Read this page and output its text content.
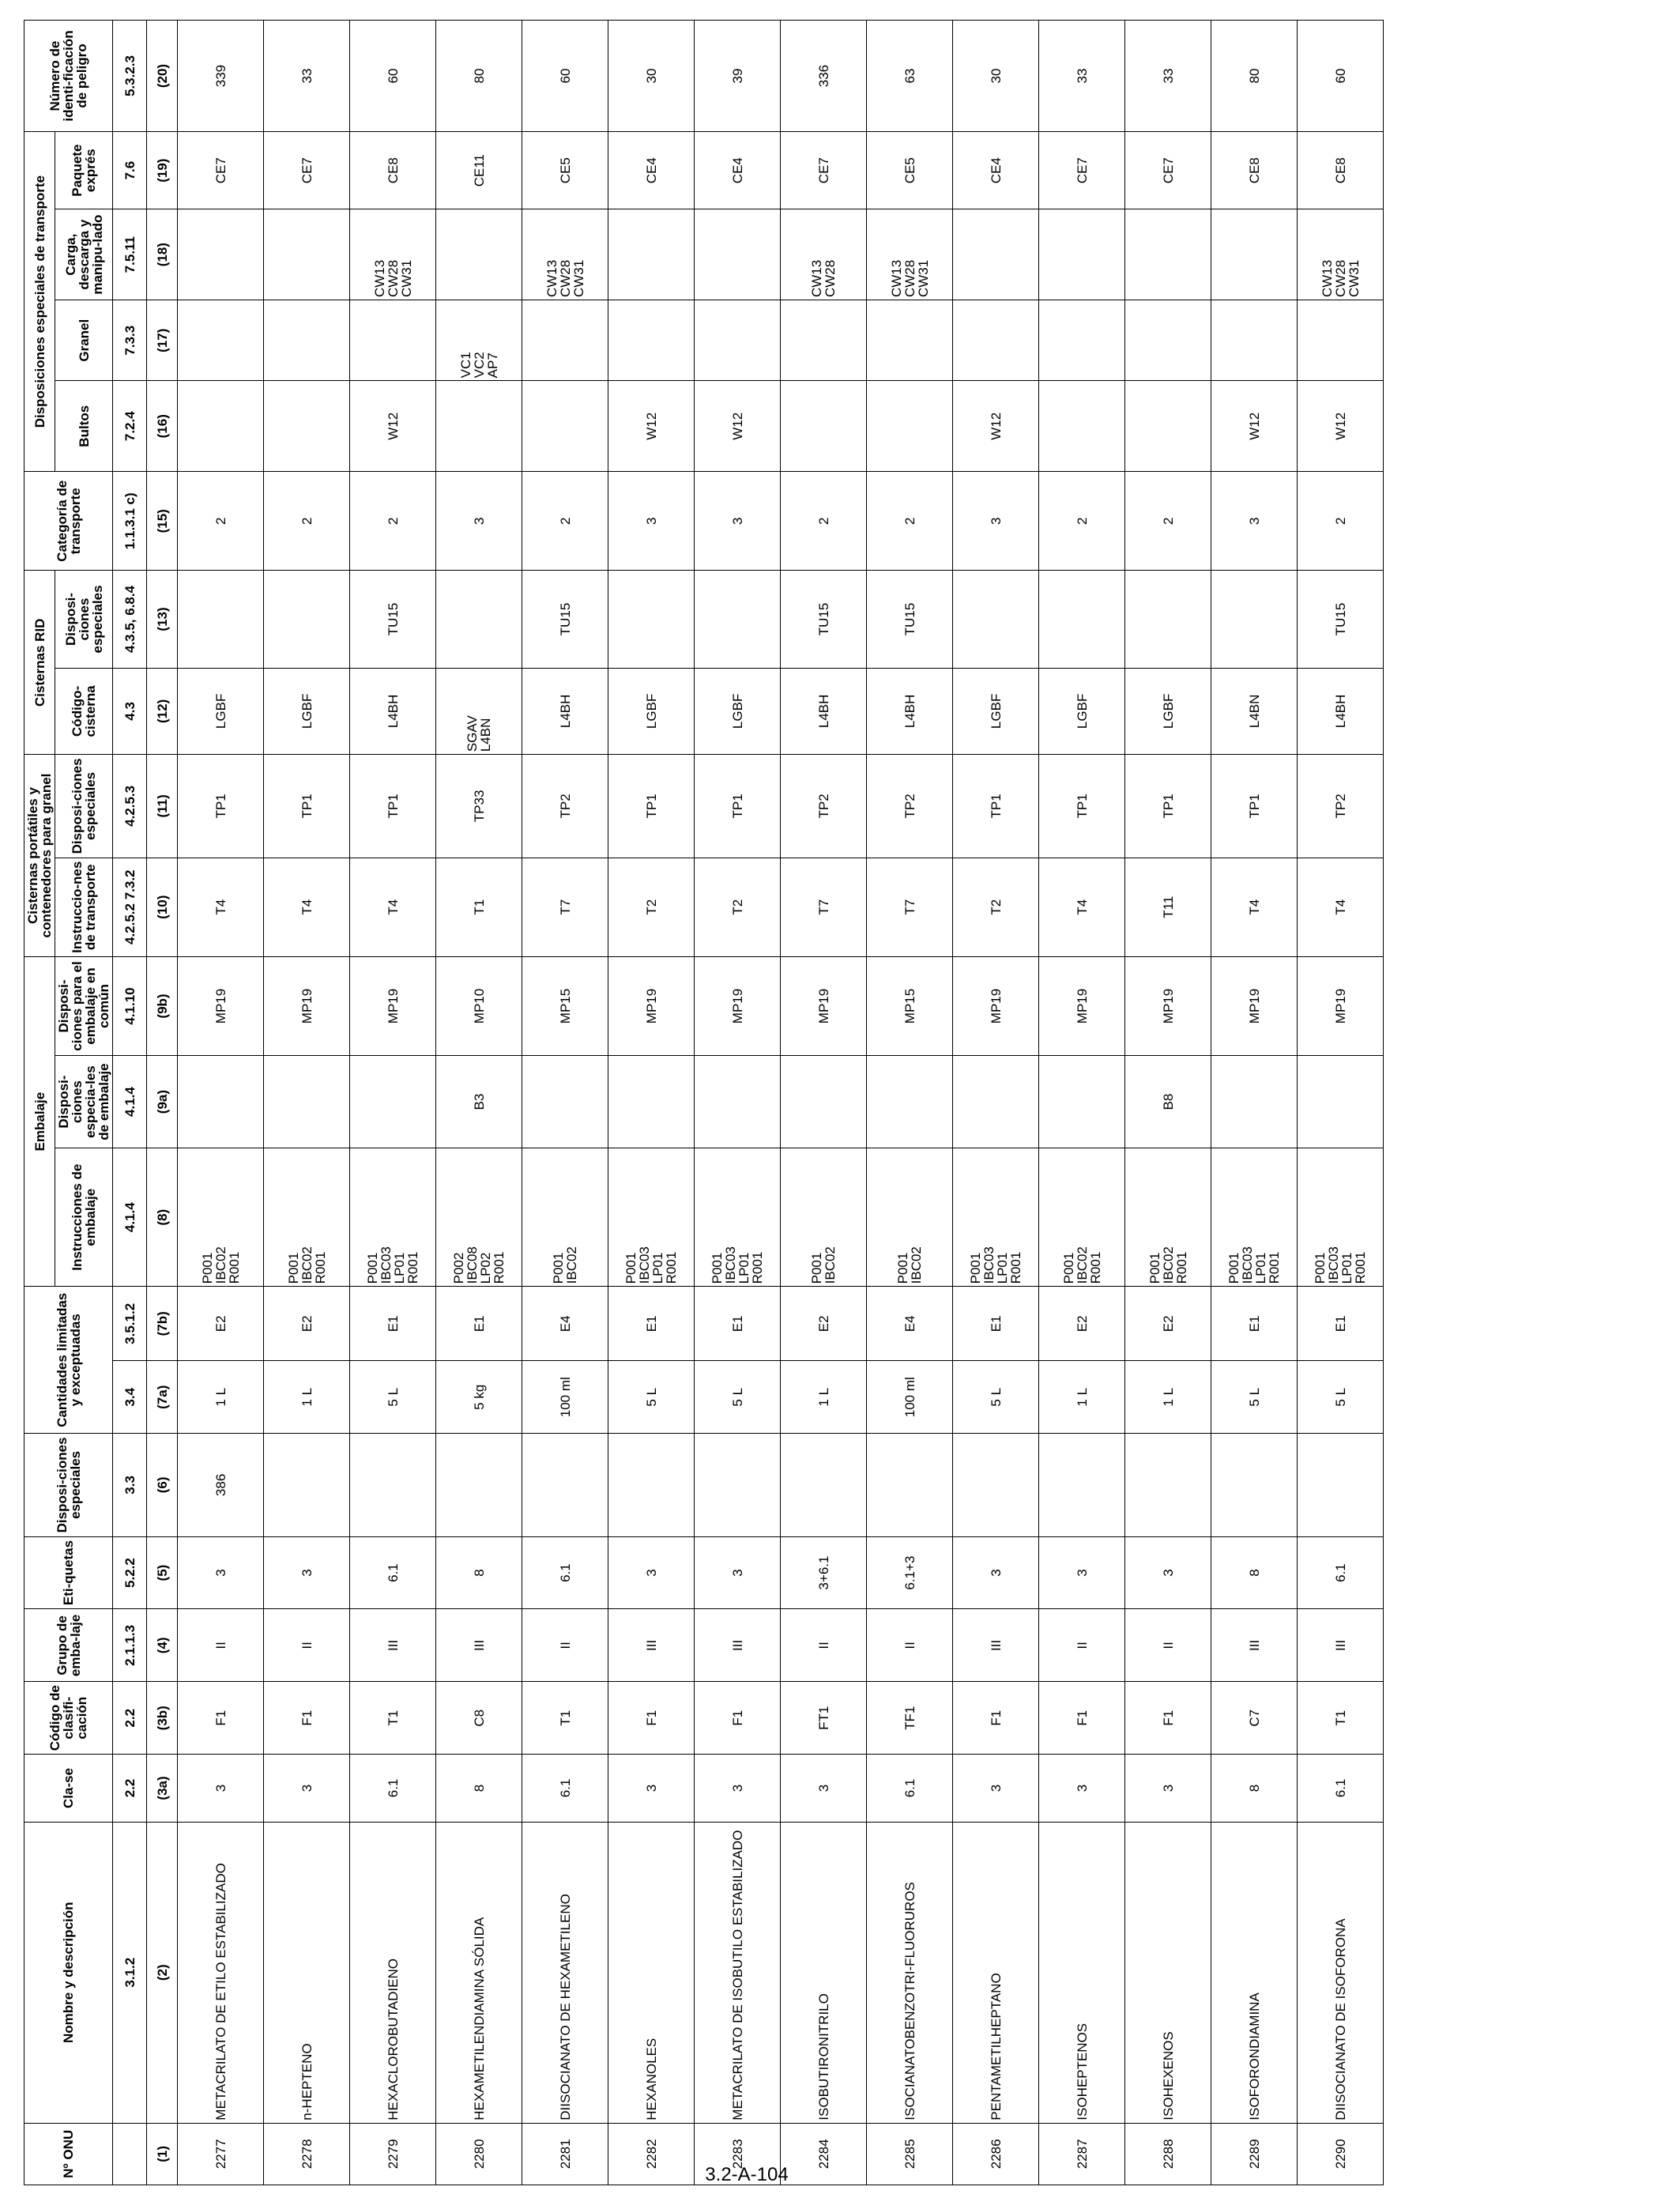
Nº ONU	Nombre y descripción	Cla-se	Código de clasifi-cación	Grupo de emba-laje	Eti-quetas	Disposi-ciones especiales	Cantidades limitadas y exceptuadas		Embalaje			Cisternas portátiles y contenedores para granel		Cisternas RID		Categoría de transporte	Disposiciones especiales de transporte				Número de identi-ficación de peligro
									Instrucciones de embalaje	Disposi-ciones especia-les de embalaje	Disposi-ciones para el embalaje en común	Instruccio-nes de transporte	Disposi-ciones especiales	Código-cisterna	Disposi-ciones especiales		Bultos	Granel	Carga, descarga y manipu-lado	Paquete exprés	
	3.1.2	2.2	2.2	2.1.1.3	5.2.2	3.3	3.4	3.5.1.2	4.1.4	4.1.4	4.1.10	4.2.5.2 7.3.2	4.2.5.3	4.3	4.3.5, 6.8.4	1.1.3.1 c)	7.2.4	7.3.3	7.5.11	7.6	5.3.2.3
(1)	(2)	(3a)	(3b)	(4)	(5)	(6)	(7a)	(7b)	(8)	(9a)	(9b)	(10)	(11)	(12)	(13)	(15)	(16)	(17)	(18)	(19)	(20)
2277	METACRILATO DE ETILO ESTABILIZADO	3	F1	II	3	386	1 L	E2	P001
IBC02
R001		MP19	T4	TP1	LGBF		2				CE7	339
2278	n-HEPTENO	3	F1	II	3		1 L	E2	P001
IBC02
R001		MP19	T4	TP1	LGBF		2				CE7	33
2279	HEXACLOROBUTADIENO	6.1	T1	III	6.1		5 L	E1	P001
IBC03
LP01
R001		MP19	T4	TP1	L4BH	TU15	2	W12		CW13
CW28
CW31	CE8	60
2280	HEXAMETILENDIAMINA SÓLIDA	8	C8	III	8		5 kg	E1	P002
IBC08
LP02
R001	B3	MP10	T1	TP33	SGAV
L4BN		3		VC1
VC2
AP7		CE11	80
2281	DIISOCIANATO DE HEXAMETILENO	6.1	T1	II	6.1		100 ml	E4	P001
IBC02		MP15	T7	TP2	L4BH	TU15	2			CW13
CW28
CW31	CE5	60
2282	HEXANOLES	3	F1	III	3		5 L	E1	P001
IBC03
LP01
R001		MP19	T2	TP1	LGBF		3	W12			CE4	30
2283	METACRILATO DE ISOBUTILO ESTABILIZADO	3	F1	III	3		5 L	E1	P001
IBC03
LP01
R001		MP19	T2	TP1	LGBF		3	W12			CE4	39
2284	ISOBUTIRONITRILO	3	FT1	II	3+6.1		1 L	E2	P001
IBC02		MP19	T7	TP2	L4BH	TU15	2			CW13
CW28	CE7	336
2285	ISOCIANATOBENZOTRI-FLUORUROS	6.1	TF1	II	6.1+3		100 ml	E4	P001
IBC02		MP15	T7	TP2	L4BH	TU15	2			CW13
CW28
CW31	CE5	63
2286	PENTAMETILHEPTANO	3	F1	III	3		5 L	E1	P001
IBC03
LP01
R001		MP19	T2	TP1	LGBF		3	W12			CE4	30
2287	ISOHEPTENOS	3	F1	II	3		1 L	E2	P001
IBC02
R001		MP19	T4	TP1	LGBF		2				CE7	33
2288	ISOHEXENOS	3	F1	II	3		1 L	E2	P001
IBC02
R001	B8	MP19	T11	TP1	LGBF		2				CE7	33
2289	ISOFORONDIAMINA	8	C7	III	8		5 L	E1	P001
IBC03
LP01
R001		MP19	T4	TP1	L4BN		3	W12			CE8	80
2290	DIISOCIANATO DE ISOFORONA	6.1	T1	III	6.1		5 L	E1	P001
IBC03
LP01
R001		MP19	T4	TP2	L4BH	TU15	2	W12		CW13
CW28
CW31	CE8	60
3.2-A-104
